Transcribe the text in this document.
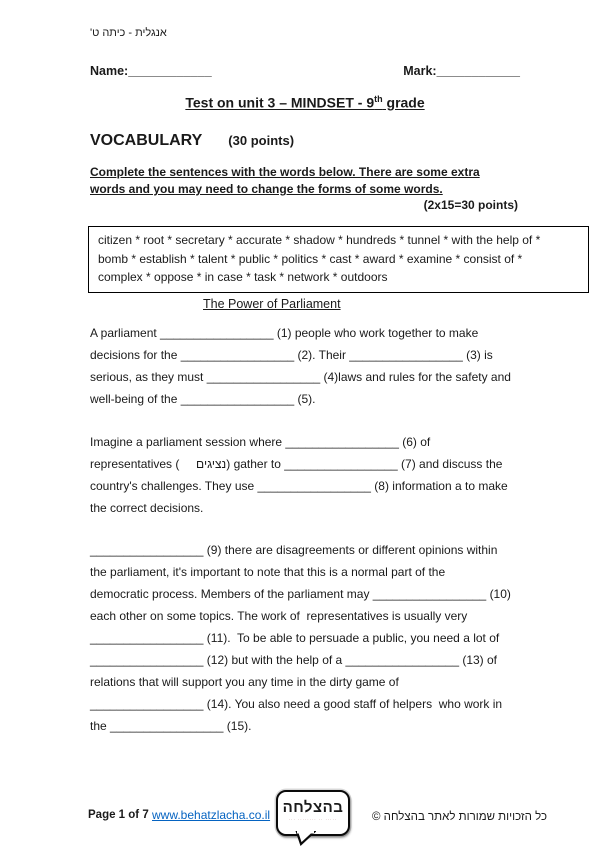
אנגלית - כיתה ט'
Name:____________	Mark:____________
Test on unit 3 – MINDSET - 9th grade
VOCABULARY (30 points)
Complete the sentences with the words below. There are some extra
words and you may need to change the forms of some words.
(2x15=30 points)
citizen * root * secretary * accurate * shadow * hundreds * tunnel * with the help of *
bomb * establish * talent * public * politics * cast * award * examine * consist of *
complex * oppose * in case * task * network * outdoors
The Power of Parliament
A parliament _________________ (1) people who work together to make
decisions for the _________________ (2). Their _________________ (3) is
serious, as they must _________________ (4)laws and rules for the safety and
well-being of the _________________ (5).
Imagine a parliament session where _________________ (6) of
representatives (     נציגים) gather to _________________ (7) and discuss the
country's challenges. They use _________________ (8) information a to make
the correct decisions.
_________________ (9) there are disagreements or different opinions within
the parliament, it's important to note that this is a normal part of the
democratic process. Members of the parliament may _________________ (10)
each other on some topics. The work of  representatives is usually very
_________________ (11).  To be able to persuade a public, you need a lot of
_________________ (12) but with the help of a _________________ (13) of
relations that will support you any time in the dirty game of
_________________ (14). You also need a good staff of helpers  who work in
the _________________ (15).
Page 1 of 7 www.behatzlacha.co.il בהצלחה
··· ········ ·· ·····	כל הזכויות שמורות לאתר בהצלחה ©
